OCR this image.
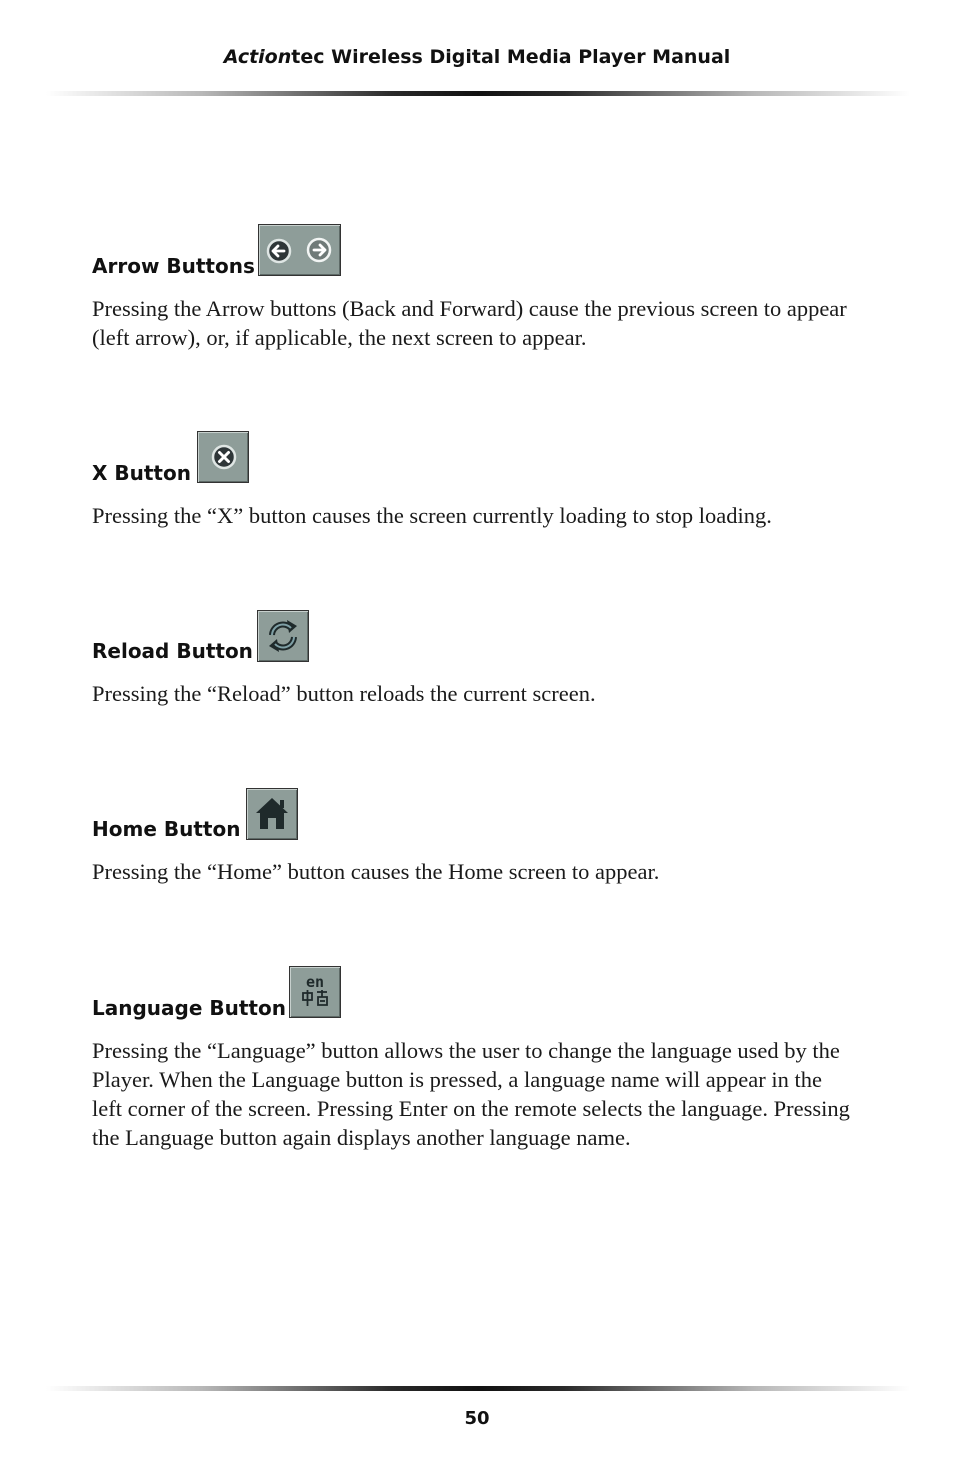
Actiontec Wireless Digital Media Player Manual
Arrow Buttons

Pressing the Arrow buttons (Back and Forward) cause the previous screen to appear (left arrow), or, if applicable, the next screen to appear.

X Button

Pressing the “X” button causes the screen currently loading to stop loading.

Reload Button

Pressing the “Reload” button reloads the current screen.

Home Button

Pressing the “Home” button causes the Home screen to appear.

Language Button
en

Pressing the “Language” button allows the user to change the language used by the Player. When the Language button is pressed, a language name will appear in the left corner of the screen. Pressing Enter on the remote selects the language. Pressing the Language button again displays another language name.

50
